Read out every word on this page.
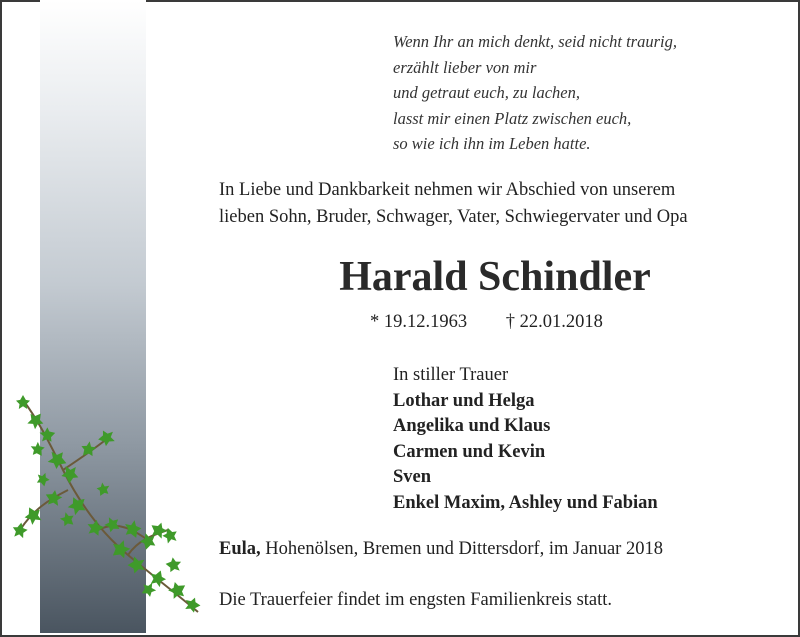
Wenn Ihr an mich denkt, seid nicht traurig,
erzählt lieber von mir
und getraut euch, zu lachen,
lasst mir einen Platz zwischen euch,
so wie ich ihn im Leben hatte.
In Liebe und Dankbarkeit nehmen wir Abschied von unserem
lieben Sohn, Bruder, Schwager, Vater, Schwiegervater und Opa
Harald Schindler
* 19.12.1963 † 22.01.2018
In stiller Trauer
Lothar und Helga
Angelika und Klaus
Carmen und Kevin
Sven
Enkel Maxim, Ashley und Fabian
Eula, Hohenölsen, Bremen und Dittersdorf, im Januar 2018
Die Trauerfeier findet im engsten Familienkreis statt.
